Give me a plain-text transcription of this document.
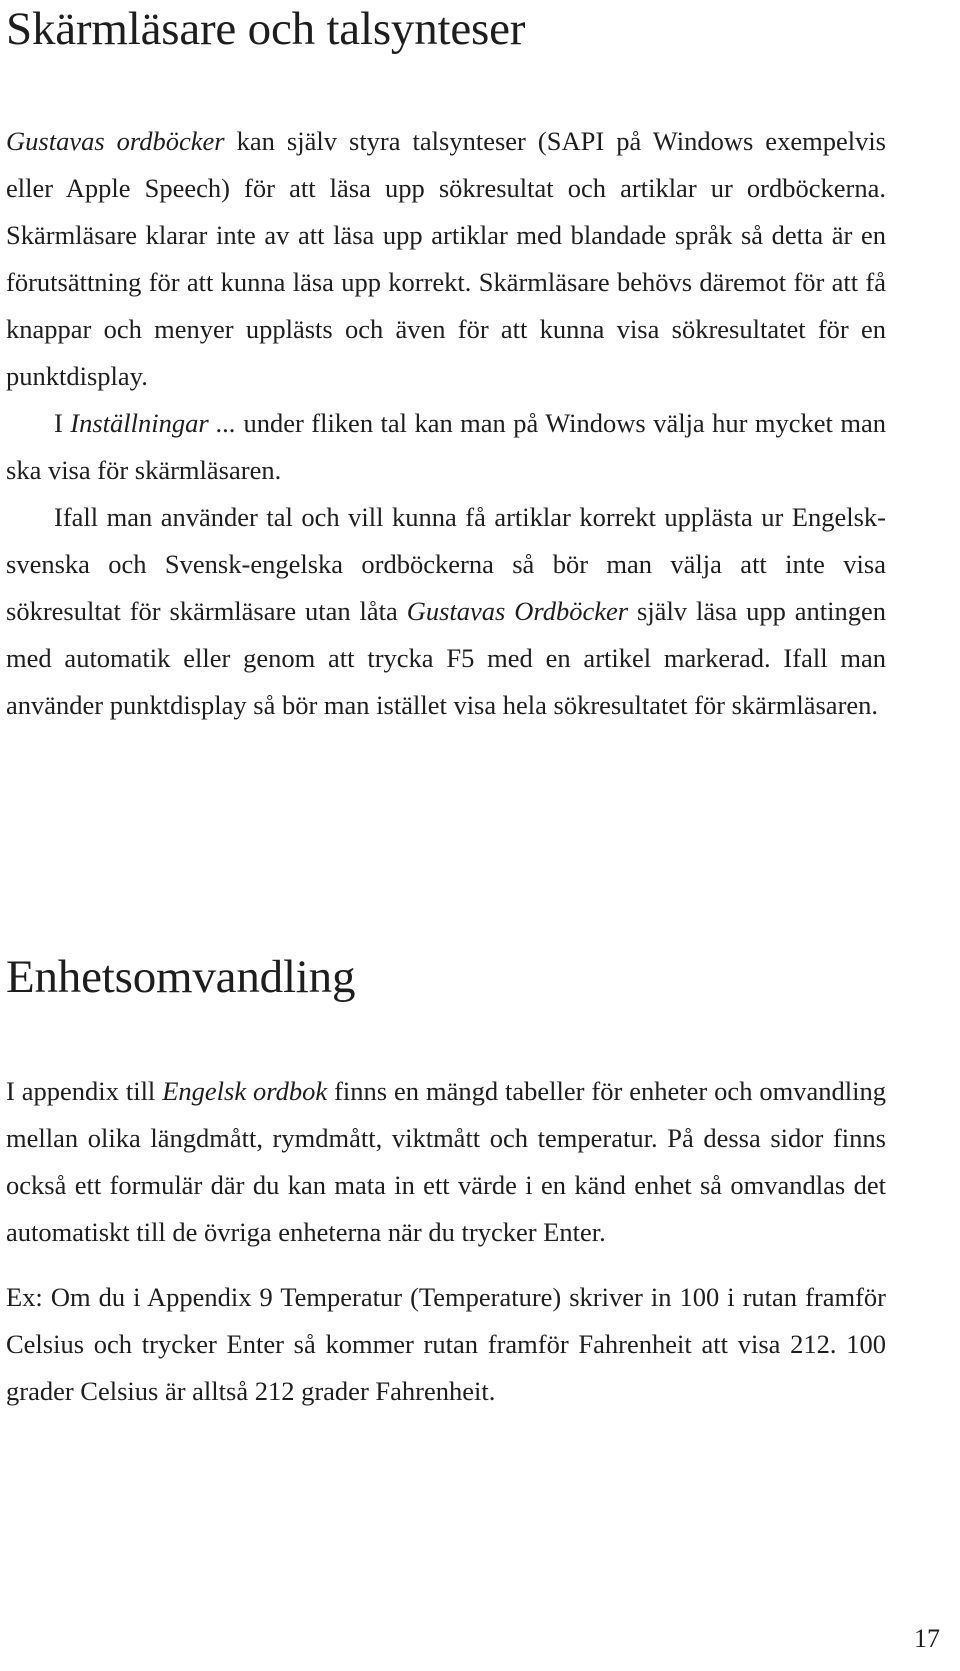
Skärmläsare och talsynteser

Gustavas ordböcker kan själv styra talsynteser (SAPI på Windows exempelvis eller Apple Speech) för att läsa upp sökresultat och artiklar ur ordböckerna. Skärmläsare klarar inte av att läsa upp artiklar med blandade språk så detta är en förutsättning för att kunna läsa upp korrekt. Skärmläsare behövs däremot för att få knappar och menyer upplästs och även för att kunna visa sökresultatet för en punktdisplay.

I Inställningar ... under fliken tal kan man på Windows välja hur mycket man ska visa för skärmläsaren.

Ifall man använder tal och vill kunna få artiklar korrekt upplästa ur Engelsk-svenska och Svensk-engelska ordböckerna så bör man välja att inte visa sökresultat för skärmläsare utan låta Gustavas Ordböcker själv läsa upp antingen med automatik eller genom att trycka F5 med en artikel markerad. Ifall man använder punktdisplay så bör man istället visa hela sökresultatet för skärmläsaren.

Enhetsomvandling

I appendix till Engelsk ordbok finns en mängd tabeller för enheter och omvandling mellan olika längdmått, rymdmått, viktmått och temperatur. På dessa sidor finns också ett formulär där du kan mata in ett värde i en känd enhet så omvandlas det automatiskt till de övriga enheterna när du trycker Enter.

Ex: Om du i Appendix 9 Temperatur (Temperature) skriver in 100 i rutan framför Celsius och trycker Enter så kommer rutan framför Fahrenheit att visa 212. 100 grader Celsius är alltså 212 grader Fahrenheit.

17
